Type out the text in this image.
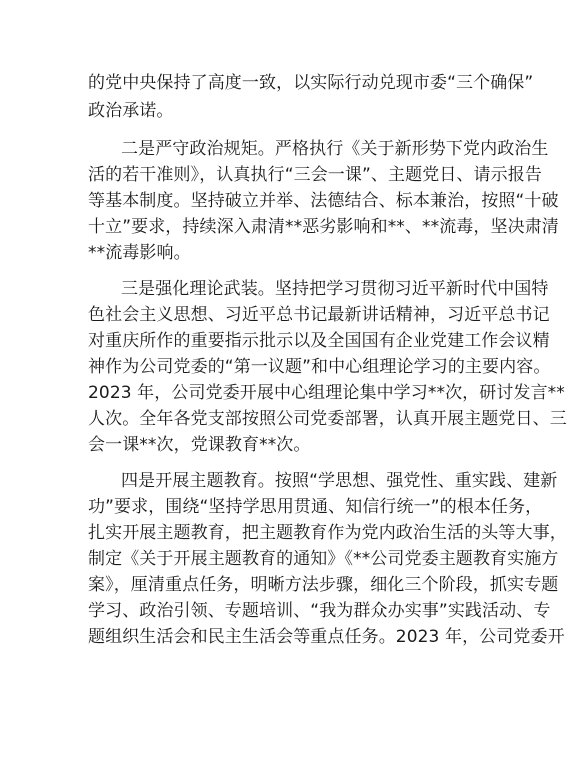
的党中央保持了高度一致，以实际行动兑现市委“三个确保”
政治承诺。
二是严守政治规矩。严格执行《关于新形势下党内政治生
活的若干准则》，认真执行“三会一课”、主题党日、请示报告
等基本制度。坚持破立并举、法德结合、标本兼治，按照“十破
十立”要求，持续深入肃清**恶劣影响和**、**流毒，坚决肃清
**流毒影响。
三是强化理论武装。坚持把学习贯彻习近平新时代中国特
色社会主义思想、习近平总书记最新讲话精神，习近平总书记
对重庆所作的重要指示批示以及全国国有企业党建工作会议精
神作为公司党委的“第一议题”和中心组理论学习的主要内容。
2023 年，公司党委开展中心组理论集中学习**次，研讨发言**
人次。全年各党支部按照公司党委部署，认真开展主题党日、三
会一课**次，党课教育**次。
四是开展主题教育。按照“学思想、强党性、重实践、建新
功”要求，围绕“坚持学思用贯通、知信行统一”的根本任务，
扎实开展主题教育，把主题教育作为党内政治生活的头等大事，
制定《关于开展主题教育的通知》《**公司党委主题教育实施方
案》，厘清重点任务，明晰方法步骤，细化三个阶段，抓实专题
学习、政治引领、专题培训、“我为群众办实事”实践活动、专
题组织生活会和民主生活会等重点任务。2023 年，公司党委开
